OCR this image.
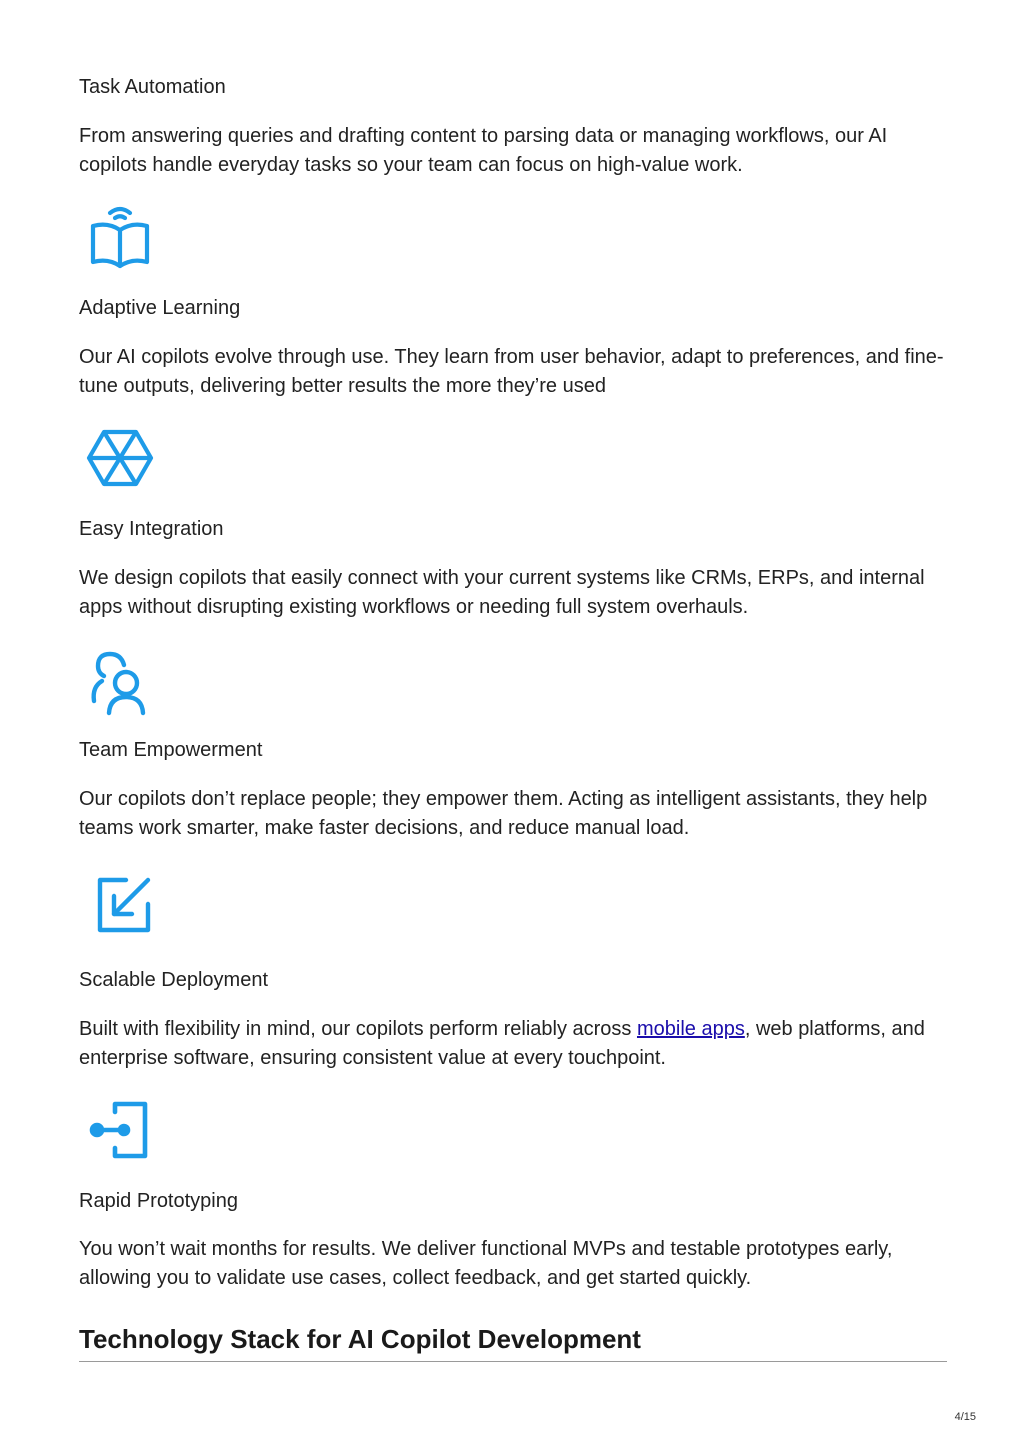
Task Automation
From answering queries and drafting content to parsing data or managing workflows, our AI copilots handle everyday tasks so your team can focus on high-value work.
Adaptive Learning
Our AI copilots evolve through use. They learn from user behavior, adapt to preferences, and fine-tune outputs, delivering better results the more they’re used
Easy Integration
We design copilots that easily connect with your current systems like CRMs, ERPs, and internal apps without disrupting existing workflows or needing full system overhauls.
Team Empowerment
Our copilots don’t replace people; they empower them. Acting as intelligent assistants, they help teams work smarter, make faster decisions, and reduce manual load.
Scalable Deployment
Built with flexibility in mind, our copilots perform reliably across mobile apps, web platforms, and enterprise software, ensuring consistent value at every touchpoint.
Rapid Prototyping
You won’t wait months for results. We deliver functional MVPs and testable prototypes early, allowing you to validate use cases, collect feedback, and get started quickly.
Technology Stack for AI Copilot Development
4/15
